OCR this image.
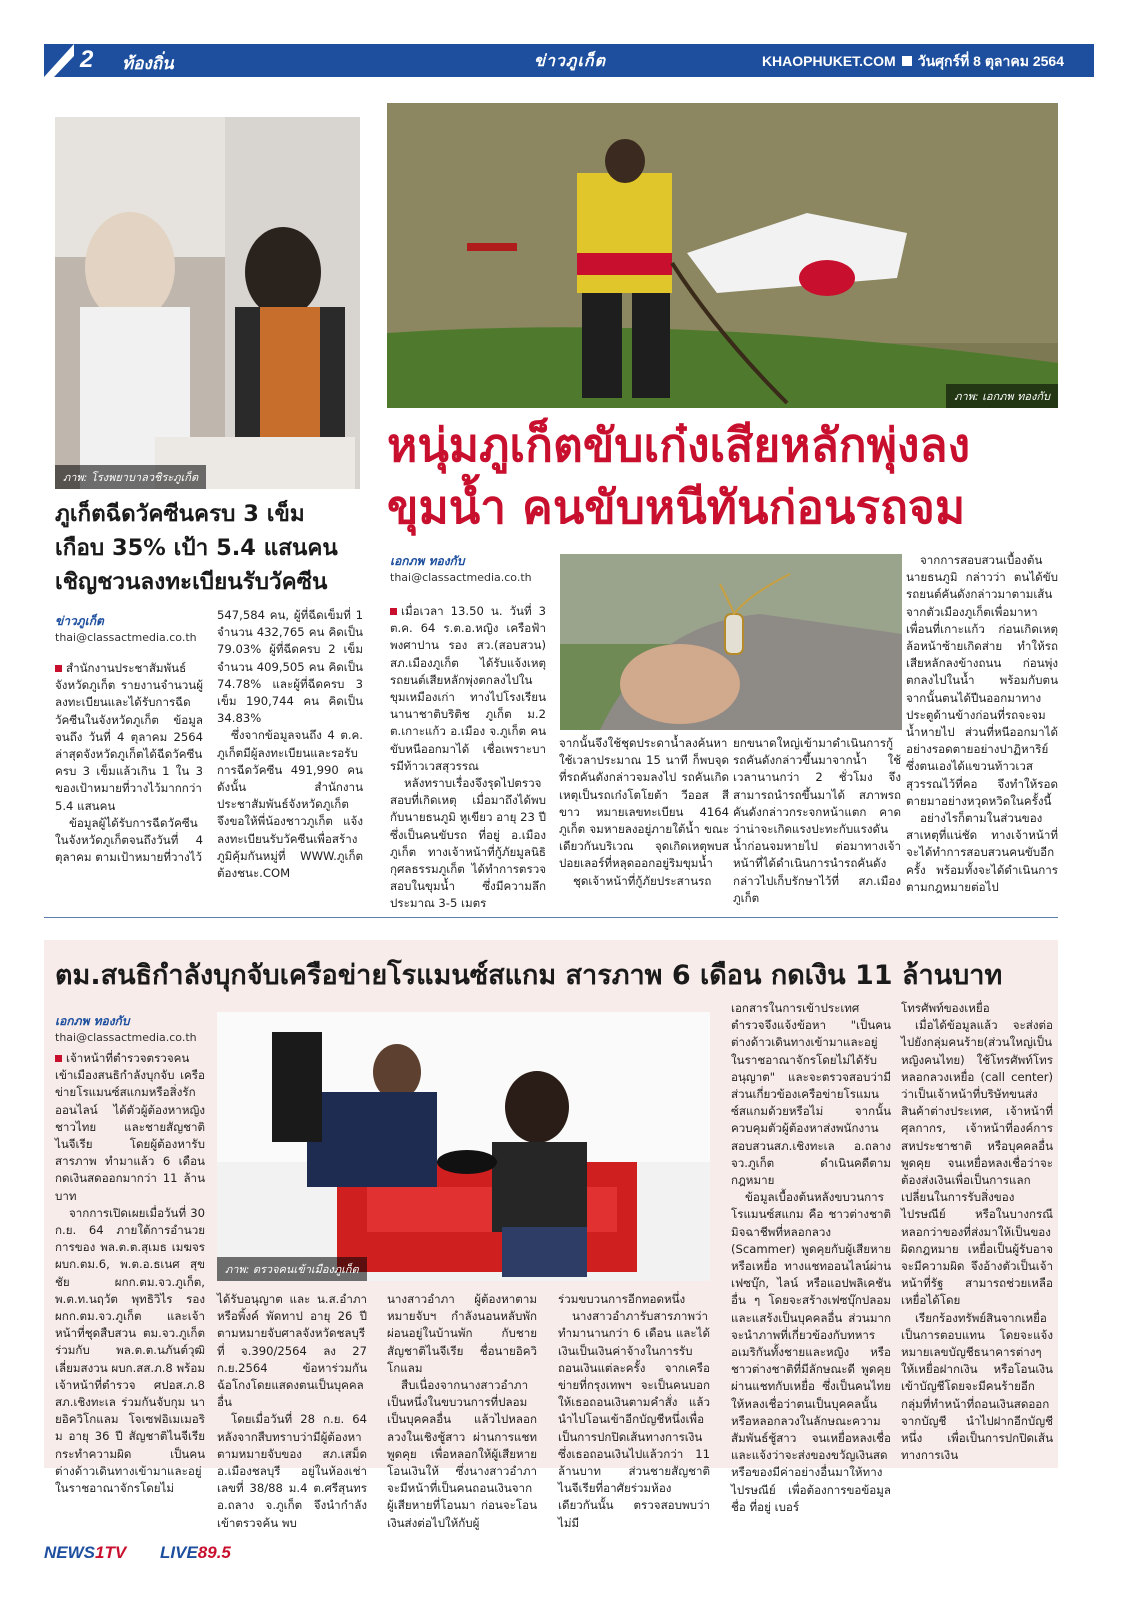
2 ท้องถิ่น	ข่าวภูเก็ต	KHAOPHUKET.COM วันศุกร์ที่ 8 ตุลาคม 2564
ภาพ: โรงพยาบาลวชิระภูเก็ต
ภูเก็ตฉีดวัคซีนครบ 3 เข็ม
เกือบ 35% เป้า 5.4 แสนคน
เชิญชวนลงทะเบียนรับวัคซีน
ข่าวภูเก็ต
thai@classactmedia.co.th

สำนักงานประชาสัมพันธ์จังหวัดภูเก็ต รายงานจำนวนผู้ลงทะเบียนและได้รับการฉีดวัคซีนในจังหวัดภูเก็ต ข้อมูลจนถึง วันที่ 4 ตุลาคม 2564 ล่าสุดจังหวัดภูเก็ตได้ฉีดวัคซีนครบ 3 เข็มแล้วเกิน 1 ใน 3 ของเป้าหมายที่วางไว้มากกว่า 5.4 แสนคน

ข้อมูลผู้ได้รับการฉีดวัคซีนในจังหวัดภูเก็ตจนถึงวันที่ 4 ตุลาคม ตามเป้าหมายที่วางไว้

547,584 คน, ผู้ที่ฉีดเข็มที่ 1 จำนวน 432,765 คน คิดเป็น 79.03% ผู้ที่ฉีดครบ 2 เข็ม จำนวน 409,505 คน คิดเป็น 74.78% และผู้ที่ฉีดครบ 3 เข็ม 190,744 คน คิดเป็น 34.83%

ซึ่งจากข้อมูลจนถึง 4 ต.ค. ภูเก็ตมีผู้ลงทะเบียนและรอรับการฉีดวัคซีน 491,990 คน ดังนั้น สำนักงานประชาสัมพันธ์จังหวัดภูเก็ต จึงขอให้พี่น้องชาวภูเก็ต แจ้งลงทะเบียนรับวัคซีนเพื่อสร้างภูมิคุ้มกันหมู่ที่ WWW.ภูเก็ตต้องชนะ.COM

ภาพ: เอกภพ ทองกับ
หนุ่มภูเก็ตขับเก๋งเสียหลักพุ่งลง
ขุมน้ำ คนขับหนีทันก่อนรถจม
เอกภพ ทองกับ
thai@classactmedia.co.th

เมื่อเวลา 13.50 น. วันที่ 3 ต.ค. 64 ร.ต.อ.หญิง เครือฟ้า พงศาปาน รอง สว.(สอบสวน) สภ.เมืองภูเก็ต ได้รับแจ้งเหตุรถยนต์เสียหลักพุ่งตกลงไปในขุมเหมืองเก่า ทางไปโรงเรียนนานาชาติบริติช ภูเก็ต ม.2 ต.เกาะแก้ว อ.เมือง จ.ภูเก็ต คนขับหนีออกมาได้ เชื่อเพราะบารมีท้าวเวสสุวรรณ

หลังทราบเรื่องจึงรุดไปตรวจสอบที่เกิดเหตุ เมื่อมาถึงได้พบกับนายธนภูมิ หูเขียว อายุ 23 ปี ซึ่งเป็นคนขับรถ ที่อยู่ อ.เมืองภูเก็ต ทางเจ้าหน้าที่กู้ภัยมูลนิธิกุศลธรรมภูเก็ต ได้ทำการตรวจสอบในขุมน้ำ ซึ่งมีความลึกประมาณ 3-5 เมตร

จากนั้นจึงใช้ชุดประดาน้ำลงค้นหา ใช้เวลาประมาณ 15 นาที ก็พบจุดที่รถคันดังกล่าวจมลงไป รถคันเกิดเหตุเป็นรถเก๋งโตโยต้า วีออส สีขาว หมายเลขทะเบียน 4164 ภูเก็ต จมหายลงอยู่ภายใต้น้ำ ขณะเดียวกันบริเวณ จุดเกิดเหตุพบสปอยเลอร์ที่หลุดออกอยู่ริมขุมน้ำ

ชุดเจ้าหน้าที่กู้ภัยประสานรถ

ยกขนาดใหญ่เข้ามาดำเนินการกู้รถคันดังกล่าวขึ้นมาจากน้ำ ใช้เวลานานกว่า 2 ชั่วโมง จึงสามารถนำรถขึ้นมาได้ สภาพรถคันดังกล่าวกระจกหน้าแตก คาดว่าน่าจะเกิดแรงปะทะกับแรงดันน้ำก่อนจมหายไป ต่อมาทางเจ้าหน้าที่ได้ดำเนินการนำรถคันดังกล่าวไปเก็บรักษาไว้ที่ สภ.เมืองภูเก็ต

จากการสอบสวนเบื้องต้น นายธนภูมิ กล่าวว่า ตนได้ขับรถยนต์คันดังกล่าวมาตามเส้นจากตัวเมืองภูเก็ตเพื่อมาหาเพื่อนที่เกาะแก้ว ก่อนเกิดเหตุล้อหน้าซ้ายเกิดส่าย ทำให้รถเสียหลักลงข้างถนน ก่อนพุ่งตกลงไปในน้ำ พร้อมกับตน จากนั้นตนได้ปีนออกมาทางประตูด้านข้างก่อนที่รถจะจมน้ำหายไป ส่วนที่หนีออกมาได้ อย่างรอดตายอย่างปาฏิหาริย์ ซึ่งตนเองได้แขวนท้าวเวสสุวรรณไว้ที่คอ จึงทำให้รอดตายมาอย่างหวุดหวิดในครั้งนี้

อย่างไรก็ตามในส่วนของสาเหตุที่แน่ชัด ทางเจ้าหน้าที่จะได้ทำการสอบสวนคนขับอีกครั้ง พร้อมทั้งจะได้ดำเนินการตามกฎหมายต่อไป

ตม.สนธิกำลังบุกจับเครือข่ายโรแมนซ์สแกม สารภาพ 6 เดือน กดเงิน 11 ล้านบาท
เอกภพ ทองกับ
thai@classactmedia.co.th

เจ้าหน้าที่ตำรวจตรวจคนเข้าเมืองสนธิกำลังบุกจับ เครือข่ายโรแมนซ์สแกมหรือสิ่งรักออนไลน์ ได้ตัวผู้ต้องหาหญิงชาวไทย และชายสัญชาติไนจีเรีย โดยผู้ต้องหารับสารภาพ ทำมาแล้ว 6 เดือน กดเงินสดออกมากว่า 11 ล้านบาท

จากการเปิดเผยเมื่อวันที่ 30 ก.ย. 64 ภายใต้การอำนวยการของ พล.ต.ต.สุเมธ เมฆจร ผบก.ตม.6, พ.ต.อ.ธเนศ สุขชัย ผกก.ตม.จว.ภูเก็ต, พ.ต.ท.นฤวัต พุทธิวิไร รอง ผกก.ตม.จว.ภูเก็ต และเจ้าหน้าที่ชุดสืบสวน ตม.จว.ภูเก็ต ร่วมกับ พล.ต.ต.นภันต์วุฒิ เลี่ยมสงวน ผบก.สส.ภ.8 พร้อมเจ้าหน้าที่ตำรวจ ศปอส.ภ.8 สภ.เชิงทะเล ร่วมกันจับกุม นายอิควิโกแลม โจเซฟอิเมเมอริม อายุ 36 ปี สัญชาติไนจีเรีย กระทำความผิด เป็นคนต่างด้าวเดินทางเข้ามาและอยู่ในราชอาณาจักรโดยไม่

ภาพ: ตรวจคนเข้าเมืองภูเก็ต

ได้รับอนุญาต และ น.ส.อำภา หรือพิ้งค์ พัดทาป อายุ 26 ปี ตามหมายจับศาลจังหวัดชลบุรี ที่ จ.390/2564 ลง 27 ก.ย.2564 ข้อหาร่วมกันฉ้อโกงโดยแสดงตนเป็นบุคคลอื่น

โดยเมื่อวันที่ 28 ก.ย. 64 หลังจากสืบทราบว่ามีผู้ต้องหาตามหมายจับของ สภ.เสม็ด อ.เมืองชลบุรี อยู่ในห้องเช่าเลขที่ 38/88 ม.4 ต.ศรีสุนทร อ.ถลาง จ.ภูเก็ต จึงนำกำลังเข้าตรวจค้น พบ

นางสาวอำภา ผู้ต้องหาตามหมายจับฯ กำลังนอนหลับพักผ่อนอยู่ในบ้านพัก กับชายสัญชาติไนจีเรีย ชื่อนายอิควิโกแลม

สืบเนื่องจากนางสาวอำภาเป็นหนึ่งในขบวนการที่ปลอมเป็นบุคคลอื่น แล้วไปหลอกลวงในเชิงชู้สาว ผ่านการแชทพูดคุย เพื่อหลอกให้ผู้เสียหายโอนเงินให้ ซึ่งนางสาวอำภาจะมีหน้าที่เป็นคนถอนเงินจากผู้เสียหายที่โอนมา ก่อนจะโอนเงินส่งต่อไปให้กับผู้

ร่วมขบวนการอีกทอดหนึ่ง

นางสาวอำภารับสารภาพว่าทำมานานกว่า 6 เดือน และได้เงินเป็นเงินค่าจ้างในการรับถอนเงินแต่ละครั้ง จากเครือข่ายที่กรุงเทพฯ จะเป็นคนบอกให้เธอถอนเงินตามคำสั่ง แล้วนำไปโอนเข้าอีกบัญชีหนึ่งเพื่อเป็นการปกปิดเส้นทางการเงิน ซึ่งเธอถอนเงินไปแล้วกว่า 11 ล้านบาท ส่วนชายสัญชาติไนจีเรียที่อาศัยร่วมห้องเดียวกันนั้น ตรวจสอบพบว่าไม่มี

เอกสารในการเข้าประเทศ ตำรวจจึงแจ้งข้อหา "เป็นคนต่างด้าวเดินทางเข้ามาและอยู่ในราชอาณาจักรโดยไม่ได้รับอนุญาต" และจะตรวจสอบว่ามีส่วนเกี่ยวข้องเครือข่ายโรแมนซ์สแกมด้วยหรือไม่ จากนั้นควบคุมตัวผู้ต้องหาส่งพนักงานสอบสวนสภ.เชิงทะเล อ.ถลาง จว.ภูเก็ต ดำเนินคดีตามกฎหมาย

ข้อมูลเบื้องต้นหลังขบวนการโรแมนซ์สแกม คือ ชาวต่างชาติมิจฉาชีพที่หลอกลวง (Scammer) พูดคุยกับผู้เสียหายหรือเหยื่อ ทางแชทออนไลน์ผ่านเฟซบุ๊ก, ไลน์ หรือแอปพลิเคชันอื่น ๆ โดยจะสร้างเฟซบุ๊กปลอมและแสร้งเป็นบุคคลอื่น ส่วนมากจะนำภาพที่เกี่ยวข้องกับทหารอเมริกันทั้งชายและหญิง หรือชาวต่างชาติที่มีลักษณะดี พูดคุยผ่านแชทกับเหยื่อ ซึ่งเป็นคนไทยให้หลงเชื่อว่าตนเป็นบุคคลนั้น หรือหลอกลวงในลักษณะความสัมพันธ์ชู้สาว จนเหยื่อหลงเชื่อ และแจ้งว่าจะส่งของขวัญเงินสด หรือของมีค่าอย่างอื่นมาให้ทางไปรษณีย์ เพื่อต้องการขอข้อมูล ชื่อ ที่อยู่ เบอร์

โทรศัพท์ของเหยื่อ

เมื่อได้ข้อมูลแล้ว จะส่งต่อไปยังกลุ่มคนร้าย(ส่วนใหญ่เป็นหญิงคนไทย) ใช้โทรศัพท์โทรหลอกลวงเหยื่อ (call center) ว่าเป็นเจ้าหน้าที่บริษัทขนส่งสินค้าต่างประเทศ, เจ้าหน้าที่ศุลกากร, เจ้าหน้าที่องค์การสหประชาชาติ หรือบุคคลอื่นพูดคุย จนเหยื่อหลงเชื่อว่าจะต้องส่งเงินเพื่อเป็นการแลกเปลี่ยนในการรับสิ่งของไปรษณีย์ หรือในบางกรณีหลอกว่าของที่ส่งมาให้เป็นของผิดกฎหมาย เหยื่อเป็นผู้รับอาจจะมีความผิด จึงอ้างตัวเป็นเจ้าหน้าที่รัฐ สามารถช่วยเหลือเหยื่อได้โดย

เรียกร้องทรัพย์สินจากเหยื่อเป็นการตอบแทน โดยจะแจ้งหมายเลขบัญชีธนาคารต่างๆให้เหยื่อฝากเงิน หรือโอนเงินเข้าบัญชีโดยจะมีคนร้ายอีกกลุ่มที่ทำหน้าที่ถอนเงินสดออกจากบัญชี นำไปฝากอีกบัญชีหนึ่ง เพื่อเป็นการปกปิดเส้นทางการเงิน

NEWS1TV LIVE89.5
